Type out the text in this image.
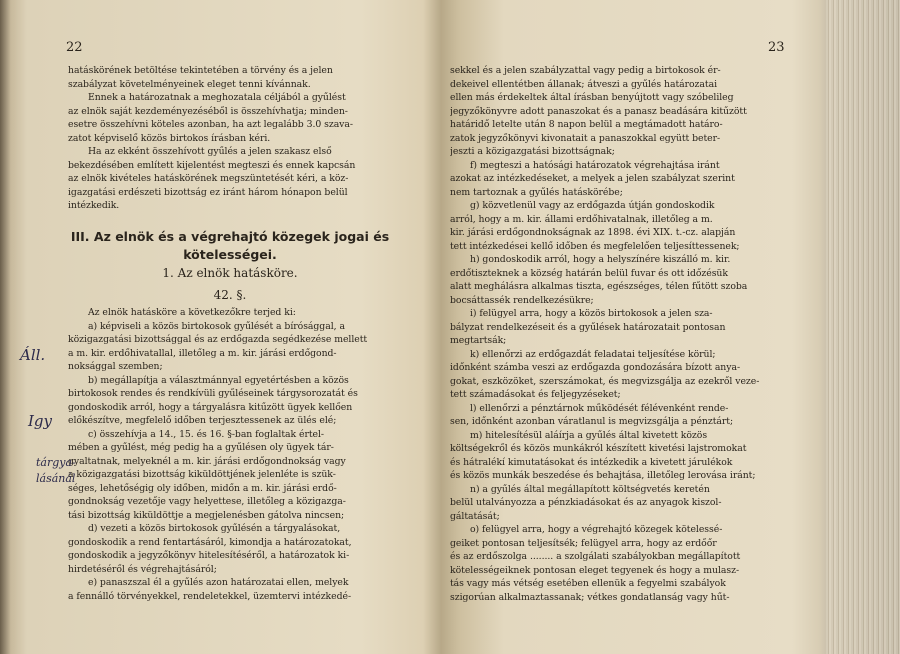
22
hatáskörének betöltése tekintetében a törvény és a jelen
szabályzat követelményeinek eleget tenni kívánnak.
Ennek a határozatnak a meghozatala céljából a gyűlést
az elnök saját kezdeményezéséből is összehívhatja; minden-
esetre összehívni köteles azonban, ha azt legalább 3.0 szava-
zatot képviselő közös birtokos írásban kéri.
Ha az ekként összehívott gyűlés a jelen szakasz első
bekezdésében említett kijelentést megteszi és ennek kapcsán
az elnök kivételes hatáskörének megszüntetését kéri, a köz-
igazgatási erdészeti bizottság ez iránt három hónapon belül
intézkedik.
III. Az elnök és a végrehajtó közegek jogai és
kötelességei.
1. Az elnök hatásköre.
42. §.
Az elnök hatásköre a következőkre terjed ki:
a) képviseli a közös birtokosok gyűlését a bírósággal, a
közigazgatási bizottsággal és az erdőgazda segédkezése mellett
a m. kir. erdőhivatallal, illetőleg a m. kir. járási erdőgond-
noksággal szemben;
b) megállapítja a választmánnyal egyetértésben a közös
birtokosok rendes és rendkívüli gyűléseinek tárgysorozatát és
gondoskodik arról, hogy a tárgyalásra kitűzött ügyek kellően
előkészítve, megfelelő időben terjesztessenek az ülés elé;
c) összehívja a 14., 15. és 16. §-ban foglaltak értel-
mében a gyűlést, még pedig ha a gyűlésen oly ügyek tár-
gyaltatnak, melyeknél a m. kir. járási erdőgondnokság vagy
a közigazgatási bizottság kiküldöttjének jelenléte is szük-
séges, lehetőségig oly időben, midőn a m. kir. járási erdő-
gondnokság vezetője vagy helyettese, illetőleg a közigazga-
tási bizottság kiküldöttje a megjelenésben gátolva nincsen;
d) vezeti a közös birtokosok gyűlésén a tárgyalásokat,
gondoskodik a rend fentartásáról, kimondja a határozatokat,
gondoskodik a jegyzőkönyv hitelesítéséről, a határozatok ki-
hirdetéséről és végrehajtásáról;
e) panaszszal él a gyűlés azon határozatai ellen, melyek
a fennálló törvényekkel, rendeletekkel, üzemtervi intézkedé-
Áll.
Igy
tárgya-
lásánál
23
sekkel és a jelen szabályzattal vagy pedig a birtokosok ér-
dekeivel ellentétben állanak; átveszi a gyűlés határozatai
ellen más érdekeltek által írásban benyújtott vagy szóbelileg
jegyzőkönyvre adott panaszokat és a panasz beadására kitűzött
határidő letelte után 8 napon belül a megtámadott határo-
zatok jegyzőkönyvi kivonatait a panaszokkal együtt beter-
jeszti a közigazgatási bizottságnak;
f) megteszi a hatósági határozatok végrehajtása iránt
azokat az intézkedéseket, a melyek a jelen szabályzat szerint
nem tartoznak a gyűlés hatáskörébe;
g) közvetlenül vagy az erdőgazda útján gondoskodik
arról, hogy a m. kir. állami erdőhivatalnak, illetőleg a m.
kir. járási erdőgondnokságnak az 1898. évi XIX. t.-cz. alapján
tett intézkedései kellő időben és megfelelően teljesíttessenek;
h) gondoskodik arról, hogy a helyszínére kiszálló m. kir.
erdőtiszteknek a község határán belül fuvar és ott időzésük
alatt meghálásra alkalmas tiszta, egészséges, télen fűtött szoba
bocsáttassék rendelkezésükre;
i) felügyel arra, hogy a közös birtokosok a jelen sza-
bályzat rendelkezéseit és a gyűlések határozatait pontosan
megtartsák;
k) ellenőrzi az erdőgazdát feladatai teljesítése körül;
időnként számba veszi az erdőgazda gondozására bízott anya-
gokat, eszközöket, szerszámokat, és megvizsgálja az ezekről veze-
tett számadásokat és feljegyzéseket;
l) ellenőrzi a pénztárnok működését félévenként rende-
sen, időnként azonban váratlanul is megvizsgálja a pénztárt;
m) hitelesítésül aláírja a gyűlés által kivetett közös
költségekről és közös munkákról készített kivetési lajstromokat
és hátralékí kimutatásokat és intézkedik a kivetett járulékok
és közös munkák beszedése és behajtása, illetőleg lerovása iránt;
n) a gyűlés által megállapított költségvetés keretén
belül utalványozza a pénzkiadásokat és az anyagok kiszol-
gáltatását;
o) felügyel arra, hogy a végrehajtó közegek kötelessé-
geiket pontosan teljesítsék; felügyel arra, hogy az erdőőr
és az erdőszolga ........ a szolgálati szabályokban megállapított
kötelességeiknek pontosan eleget tegyenek és hogy a mulasz-
tás vagy más vétség esetében ellenük a fegyelmi szabályok
szigorúan alkalmaztassanak; vétkes gondatlanság vagy hűt-
